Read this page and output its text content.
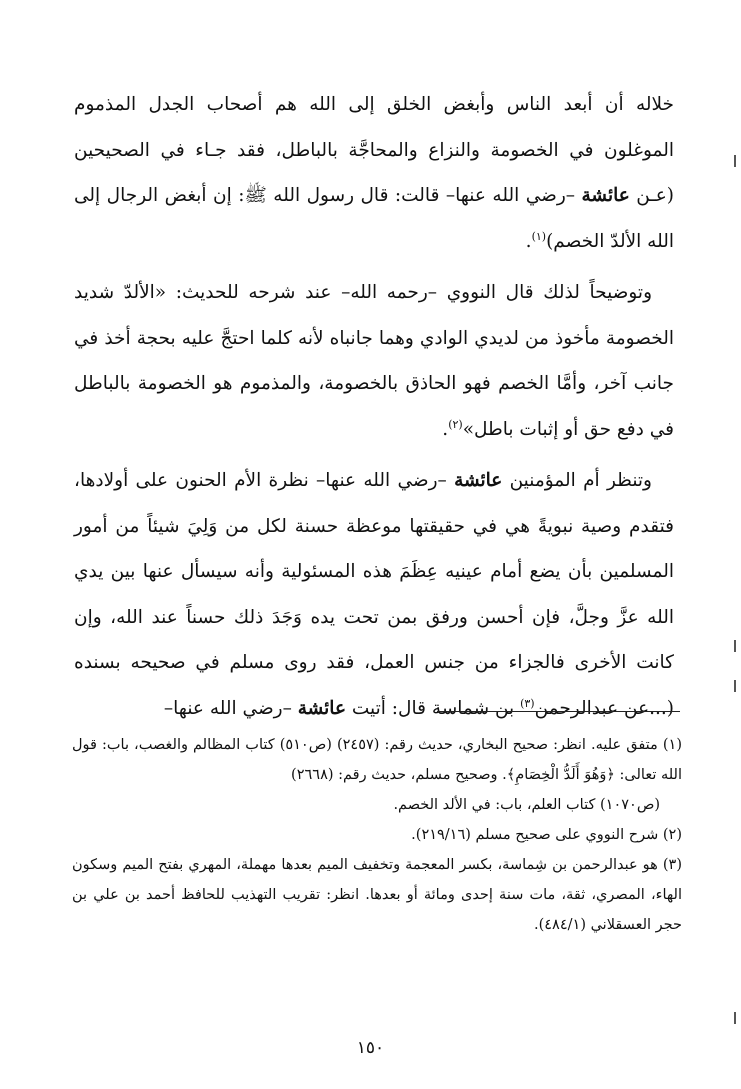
خلاله أن أبعد الناس وأبغض الخلق إلى الله هم أصحاب الجدل المذموم الموغلون في الخصومة والنزاع والمحاجَّة بالباطل، فقد جـاء في الصحيحين (عـن عائشة –رضي الله عنها– قالت: قال رسول الله ﷺ: إن أبغض الرجال إلى الله الألدّ الخصم)$^{(١)}$.

وتوضيحاً لذلك قال النووي –رحمه الله– عند شرحه للحديث: «الألدّ شديد الخصومة مأخوذ من لديدي الوادي وهما جانباه لأنه كلما احتجَّ عليه بحجة أخذ في جانب آخر، وأمَّا الخصم فهو الحاذق بالخصومة، والمذموم هو الخصومة بالباطل في دفع حق أو إثبات باطل»$^{(٢)}$.

وتنظر أم المؤمنين عائشة –رضي الله عنها– نظرة الأم الحنون على أولادها، فتقدم وصية نبويةً هي في حقيقتها موعظة حسنة لكل من وَلِيَ شيئاً من أمور المسلمين بأن يضع أمام عينيه عِظَمَ هذه المسئولية وأنه سيسأل عنها بين يدي الله عزَّ وجلَّ، فإن أحسن ورفق بمن تحت يده وَجَدَ ذلك حسناً عند الله، وإن كانت الأخرى فالجزاء من جنس العمل، فقد روى مسلم في صحيحه بسنده (...عن عبدالرحمن$^{(٣)}$ بن شماسة قال: أتيت عائشة –رضي الله عنها–

(١) متفق عليه. انظر: صحيح البخاري، حديث رقم: (٢٤٥٧) (ص٥١٠) كتاب المظالم والغصب، باب: قول الله تعالى: ﴿وَهُوَ أَلَدُّ الْخِصَامِ﴾. وصحيح مسلم، حديث رقم: (٢٦٦٨)
(ص١٠٧٠) كتاب العلم، باب: في الألد الخصم.
(٢) شرح النووي على صحيح مسلم (٢١٩/١٦).
(٣) هو عبدالرحمن بن شِماسة، بكسر المعجمة وتخفيف الميم بعدها مهملة، المهري بفتح الميم وسكون الهاء، المصري، ثقة، مات سنة إحدى ومائة أو بعدها. انظر: تقريب التهذيب للحافظ أحمد بن علي بن حجر العسقلاني (٤٨٤/١).
١٥٠
